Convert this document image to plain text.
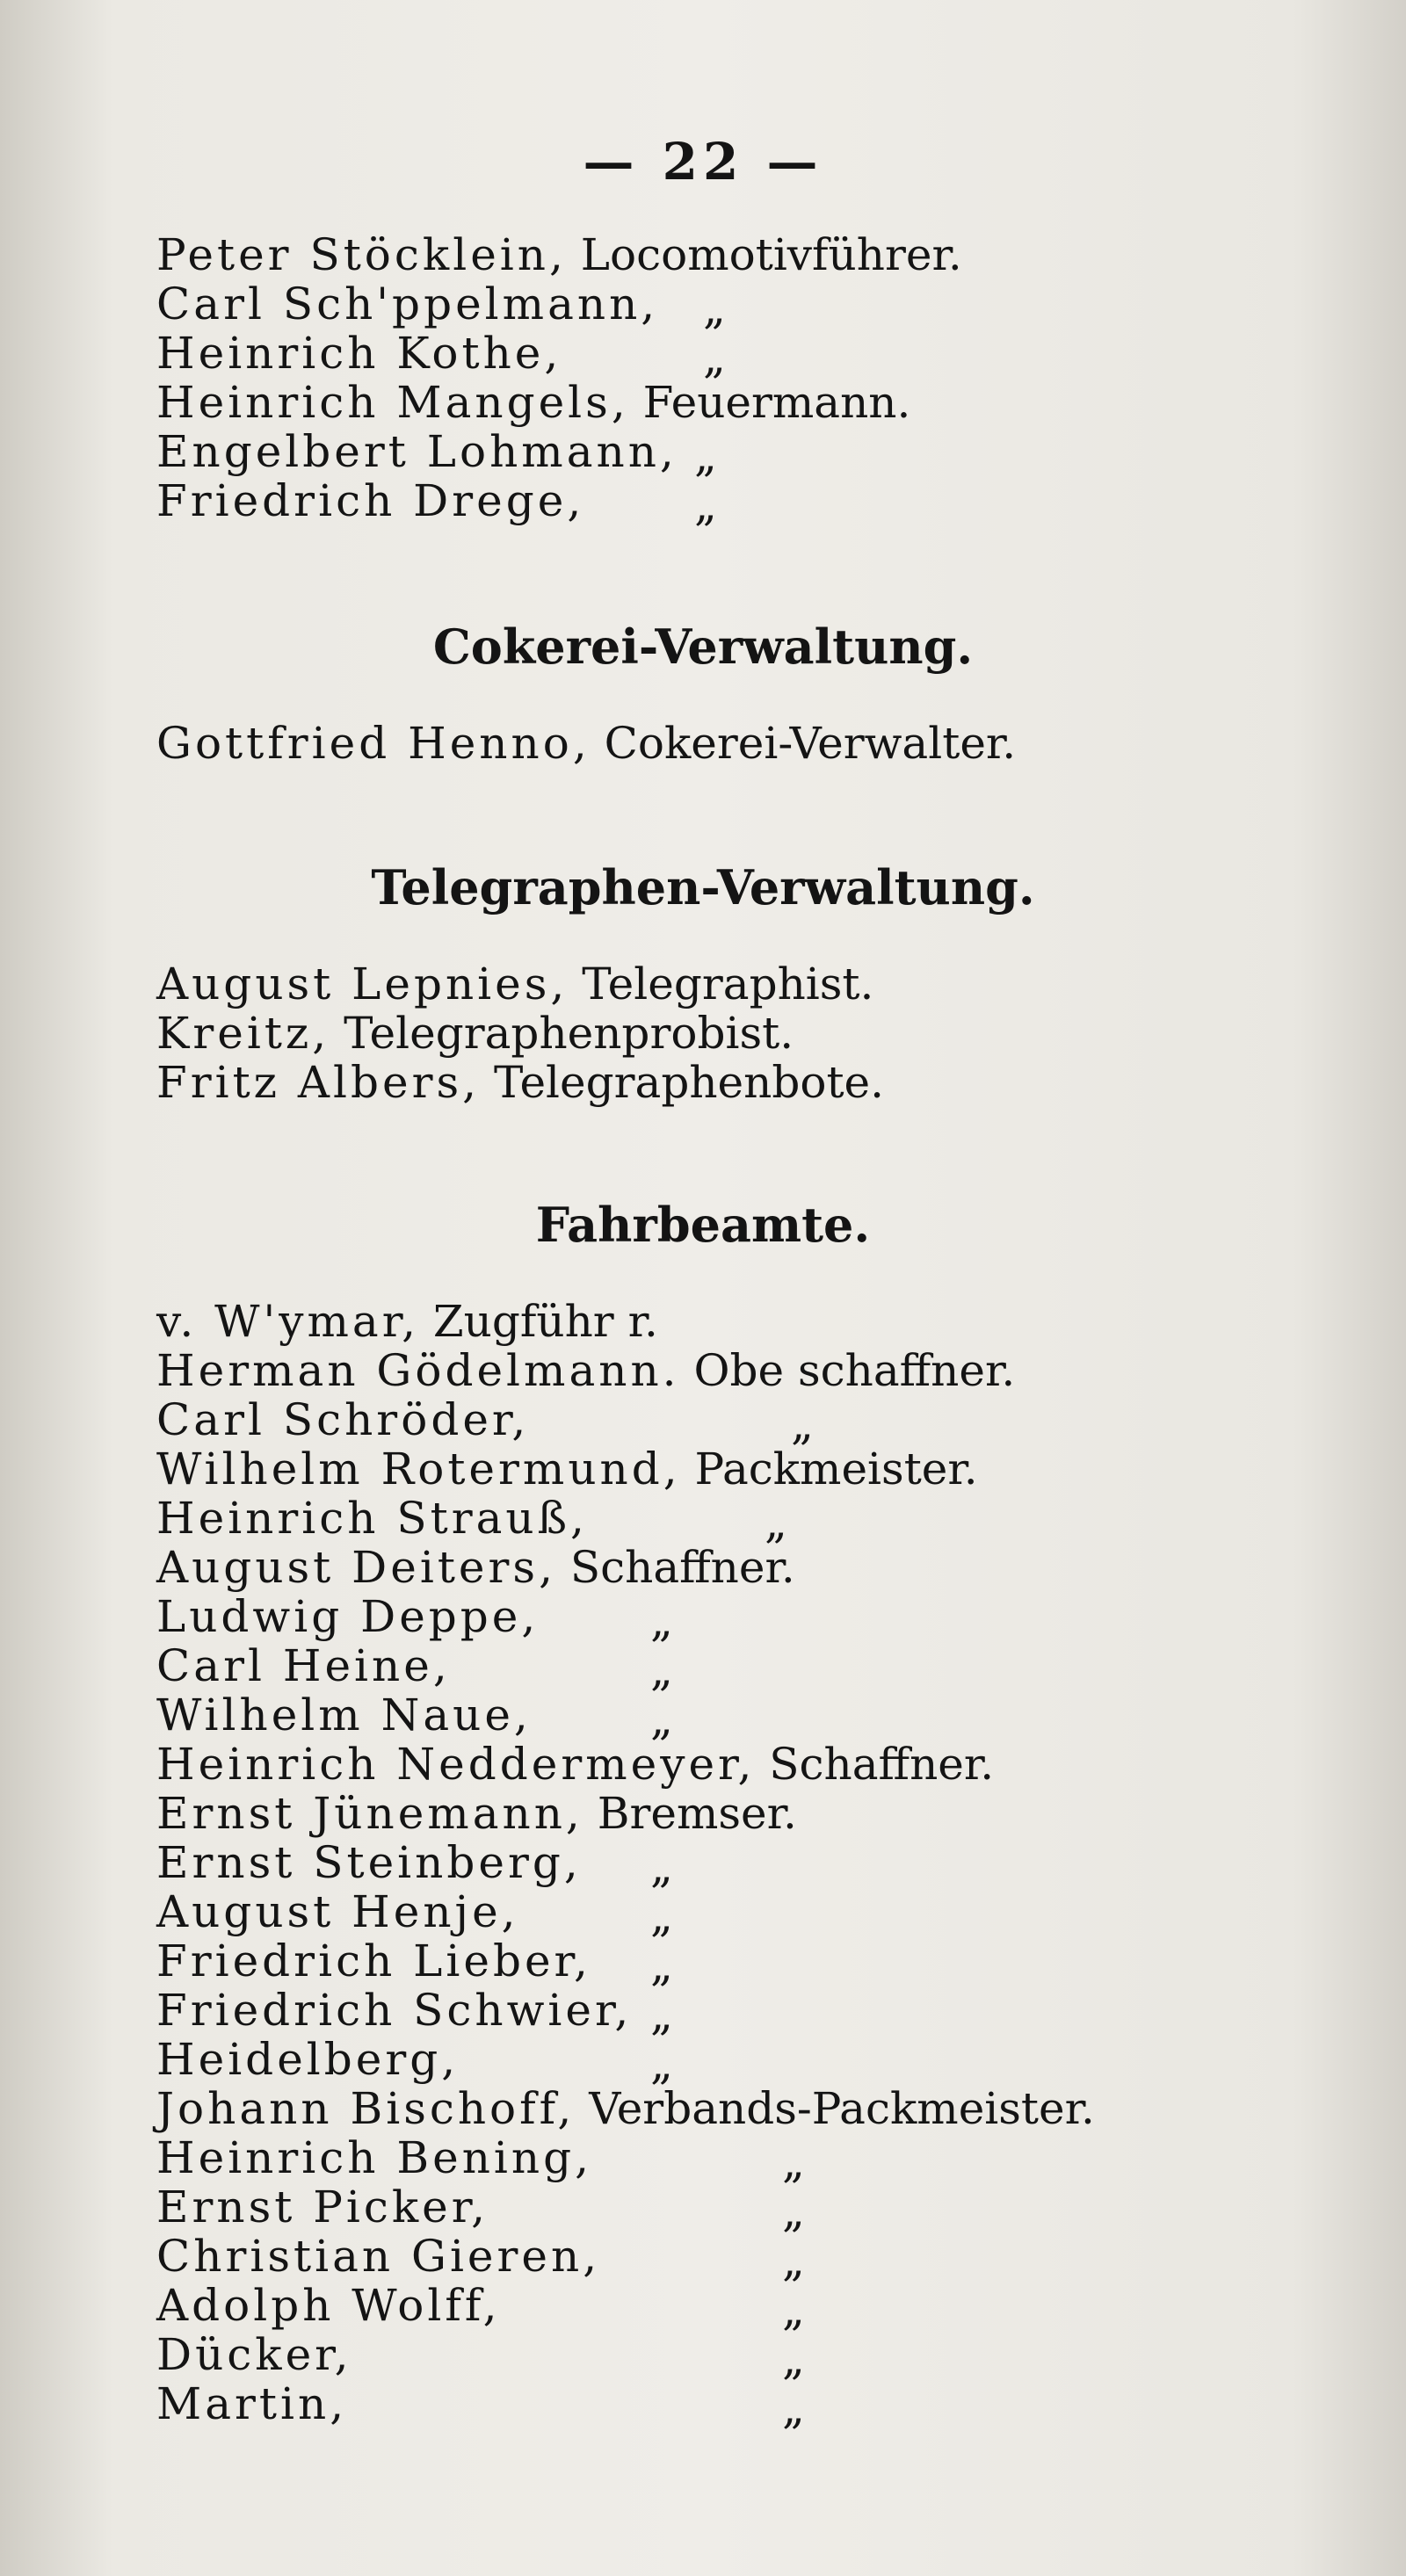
— 22 —
Peter Stöcklein, Locomotivführer.
Carl Sch'ppelmann, „
Heinrich Kothe,	„
Heinrich Mangels, Feuermann.
Engelbert Lohmann, „
Friedrich Drege, „
Cokerei-Verwaltung.
Gottfried Henno, Cokerei-Verwalter.
Telegraphen-Verwaltung.
August Lepnies, Telegraphist.
Kreitz, Telegraphenprobist.
Fritz Albers, Telegraphenbote.
Fahrbeamte.
v. W'ymar, Zugführ r.
Herman Gödelmann. Obe schaffner.
Carl Schröder,	„
Wilhelm Rotermund, Packmeister.
Heinrich Strauß,	„
August Deiters, Schaffner.
Ludwig Deppe,	„
Carl Heine,	„
Wilhelm Naue,	„
Heinrich Neddermeyer, Schaffner.
Ernst Jünemann, Bremser.
Ernst Steinberg, „
August Henje,	„
Friedrich Lieber, „
Friedrich Schwier, „
Heidelberg,	„
Johann Bischoff, Verbands-Packmeister.
Heinrich Bening,	„
Ernst Picker,	„
Christian Gieren,	„
Adolph Wolff,	„
Dücker,	„
Martin,	„
